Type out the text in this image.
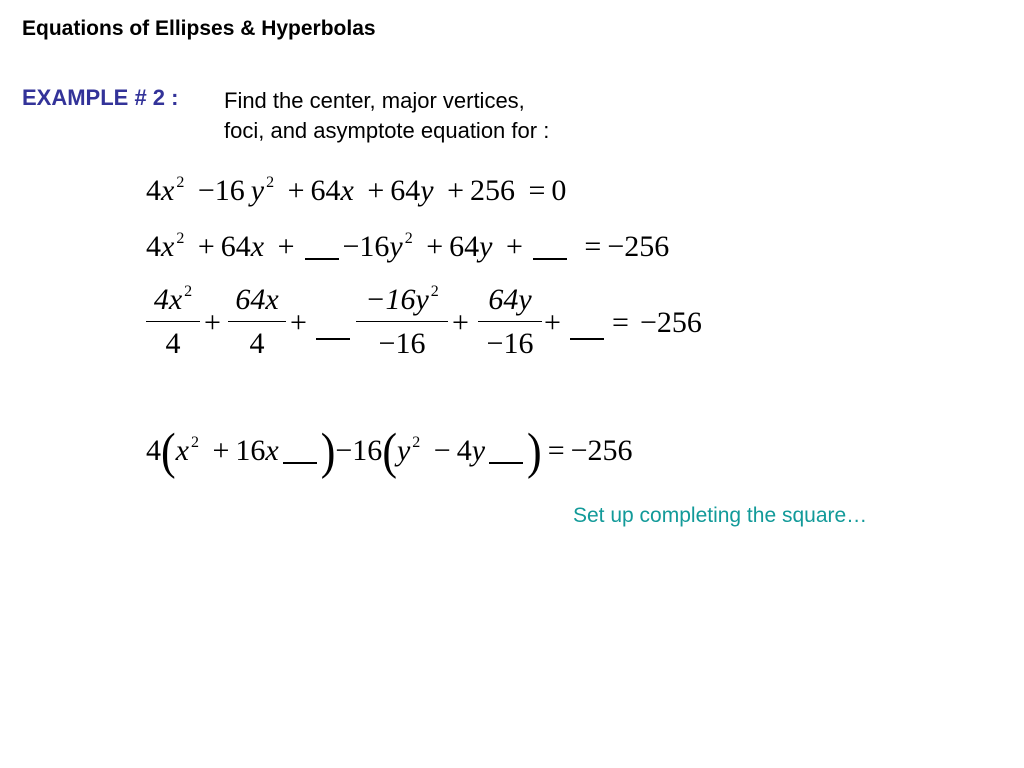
Equations of Ellipses & Hyperbolas
EXAMPLE # 2 : Find the center, major vertices,
foci, and asymptote equation for :
4x $^2$ −16 y $^2$ + 64x + 64y + 256 = 0
4x $^2$ + 64x + −16y $^2$ + 64y + = −256
4x $^2$
4
+
64x
4
+
−16y $^2$
−16
+
64y
−16
+ = −256
4(x $^2$ + 16x )−16(y $^2$ − 4y ) = −256
Set up completing the square…
